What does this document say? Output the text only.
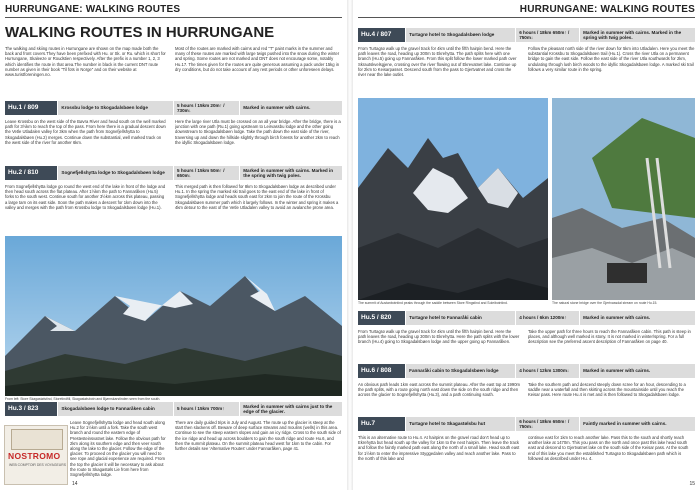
HURRUNGANE: WALKING ROUTES
WALKING ROUTES IN HURRUNGANE
The walking and skiing routes in Hurrungane are shown on the map made both the back and front covers.They have been prefixed with Hu. or Sk. or Ru. which is short for Hurrungane, Skaleeze or Roudstien respectively. After the prefix is a number 1, 2, 3 which identifies the route in that area.The number in black is the current DNT route number as given in their book "Til fots in Norge" and on their website at www.turistforeningen.no.
Most of the routes are marked with cairns and red "T" paint marks in the summer and many of these routes are marked with large twigs pushed into the snow during the winter and spring. Some routes are not marked and DNT does not encourage some, notably Hu.17. The times given for the routes are quite generous assuming a pack under 15kg in dry conditions, but do not take account of any rest periods or other unforeseen delays.
Hu.1 / 809	Krossbu lodge to Skogadalsbøen lodge
5 hours / 15km 20m↑ / 730m↓
Marked in summer with cairns.
Leave Krossbu on the west side of the Bøvra River and head south on the well marked path for 3½km to reach the top of the pass. From here there is a gradual descent down the Vetle Utladalen valley for 3km when the path from Sognefjellshytta to Skogadalsbøen (Hu.2) merges. Continue down the substantial, well marked track on the west side of the river for another 6km.
Here the large river Utla must be crossed on an all year bridge. After the bridge, there is a junction with one path (Ru.1) going upstream to Leirvassbu lodge and the other going downstream to Skogadalsbøen lodge. Take the path down the east side of the river, traversing up and down the hillside slightly through birch forests for another 2km to reach the idyllic Skogadalsbøen lodge.
Hu.2 / 810	Sognefjellshytta lodge to Skogadalsbøen lodge
5 hours / 15km 50m↑ / 650m↓
Marked in summer with cairns. Marked in the spring with twig poles.
From Sognefjellshytta lodge go round the west end of the lake in front of the lodge and then head south across the flat plateau. After 1½km the path to Fannaråken (Hu.5) forks to the south west. Continue south for another 3½km across this plateau, passing a large tarn on its east side. Soon the path makes a descent for 1km down into the valley and merges with the path from Krossbu lodge to Skogadalsbøen lodge (Hu.1).
This merged path is then followed for 8km to Skogadalsbøen lodge as described under Hu.1. In the spring the marked ski trail goes to the east end of the lake in front of Sognefjellshytta lodge and heads south east for 2km to join the route of the Krossbu Skogadalsbøen summer path which it largely follows. In the winter and spring it makes a 4km detour to the east of the Vetle Utladalen valley to avoid an avalanche prone area.
From left: Store Skagastølstind, Storetindfill, Skagastølsbotn and Bjørnskarstinden seen from the south.
Hu.3 / 823	Skogadalsbøen lodge to Fannaråken cabin	5 hours / 15km 700m↑
Marked in summer with cairns just to the edge of the glacier.
Leave Sognefjellshytta lodge and head south along Hu.2 for 1½km until a fork. Take the south west branch and round the eastern edge of Prestesteinsvatnet lake. Follow the obvious path for 2km along its southern edge and then veer south along the lake to the glacier. Follow the edge of the glacier. To proceed on the glacier you will need to see rope and glacial experience are required. From the top the glacier it will be necessary to ask about the route to Skagastøls Lie from here from Sognefjellshytta lodge.
There are daily guided trips in July and August. The route up the glacier is steep at the start then slackens off. Beware of deep surface streams and moulins (wells) in this area. Continue to see the steep eastern slopes and gain an icy ridge. Cross to the south side of the ice ridge and head up across boulders to gain the south ridge and route Hu.6, and then the summit plateau. On the summit plateau head west for 1km to the cabin. For further details see 'Alternative Routes' under Fannaråken, page 41.
NOSTROMO
WEB COMPTOIR DES VOYAGEURS
14
HURRUNGANE: WALKING ROUTES
Hu.4 / 807	Turtagrø hotel to Skogadalsbøen lodge
6 hours / 18km 650m↑ / 750m↓
Marked in summer with cairns. Marked in the spring with twig poles.
From Turtagrø walk up the gravel track for 4km until the fifth hairpin bend. Here the path leaves the road, heading up 300m to Ekrehytta. The path splits here with one branch (Hu.5) going up Fannaråken. From this split follow the lower marked path over Skrautskvelsgjene, crossing over the river flowing out of Ekrevatnet lake. Continue up for 2km to Keisarpasset. Descend south from the pass to Gjertvatnet and cross the river near the lake outlet.
Follow the pleasant north side of the river down for 5km into Utladalen. Here you meet the substantial Krossbu to Skogadalsbøen trail (Hu.1). Cross the river Utla on a permanent bridge to gain the east side. Follow the east side of the river Utla southwards for 2km, undulating through lush birch woods to the idyllic Skogadalsbøen lodge. A marked ski trail follows a very similar route in the spring.
The summit of Austanbotntind peaks through the saddle between Store Ringstind and Soleibotntind.	The natural stone bridge over the Gjertvassdal stream on route Hu.15.
Hu.5 / 820	Turtagrø hotel to Fannaråki cabin	4 hours / 6km 1200m↑	Marked in summer with cairns.
From Turtagrø walk up the gravel track for 4km until the fifth hairpin bend. Here the path leaves the road, heading up 300m to Ekrehytta. Here the path splits with the lower branch (Hu.4) going to Skogadalsbøen lodge and the upper going up Fannaråken.
Take the upper path for three hours to reach the Fannaråken cabin. This path is steep in places, and although well marked is stony. It is not marked in winter/spring. For a full description see the preferred ascent description of Fannaråken on page 40.
Hu.6 / 808	Fannaråki cabin to Skogadalsbøen lodge	4 hours / 12km 1300m↓	Marked in summer with cairns.
An obvious path leads 1km east across the summit plateau. After the east top at 1990m the path splits, with a route going north east down the side on the south ridge and then across the glacier to Sognefjellshytta (Hu.3), and a path continuing south.
Take the southern path and descend steeply down scree for an hour, descending to a saddle near a waterfall and then skirting across the mountainside until you reach the Keisar pass. Here route Hu.4 is met and is then followed to Skogadalsbøen lodge.
Hu.7	Turtagrø hotel to Skagastølsbu hut
6 hours / 18km 650m↑ / 750m↓
Faintly marked in summer with cairns.
This is an alternative route to Hu.4. At hairpins on the gravel road don't head up to Ekrehytta but head south up the valley for 1km to the next hairpin. Then leave the track and follow the faintly marked path east along the north of a small lake. Head south east for 1½km to enter the impressive Styggedalen valley and reach another lake. Pass to the north of this lake and
continue east for 1km to reach another lake. Pass this to the south and shortly reach another lake at 1470m. This you pass on the north and once past this lake head south east and descend to Gjertvatnet lake on the south side of the Keisar pass. At the south end of this lake you meet the established Turtagrø to Skogadalsbøen path which is followed as described under Hu. 4.
15
